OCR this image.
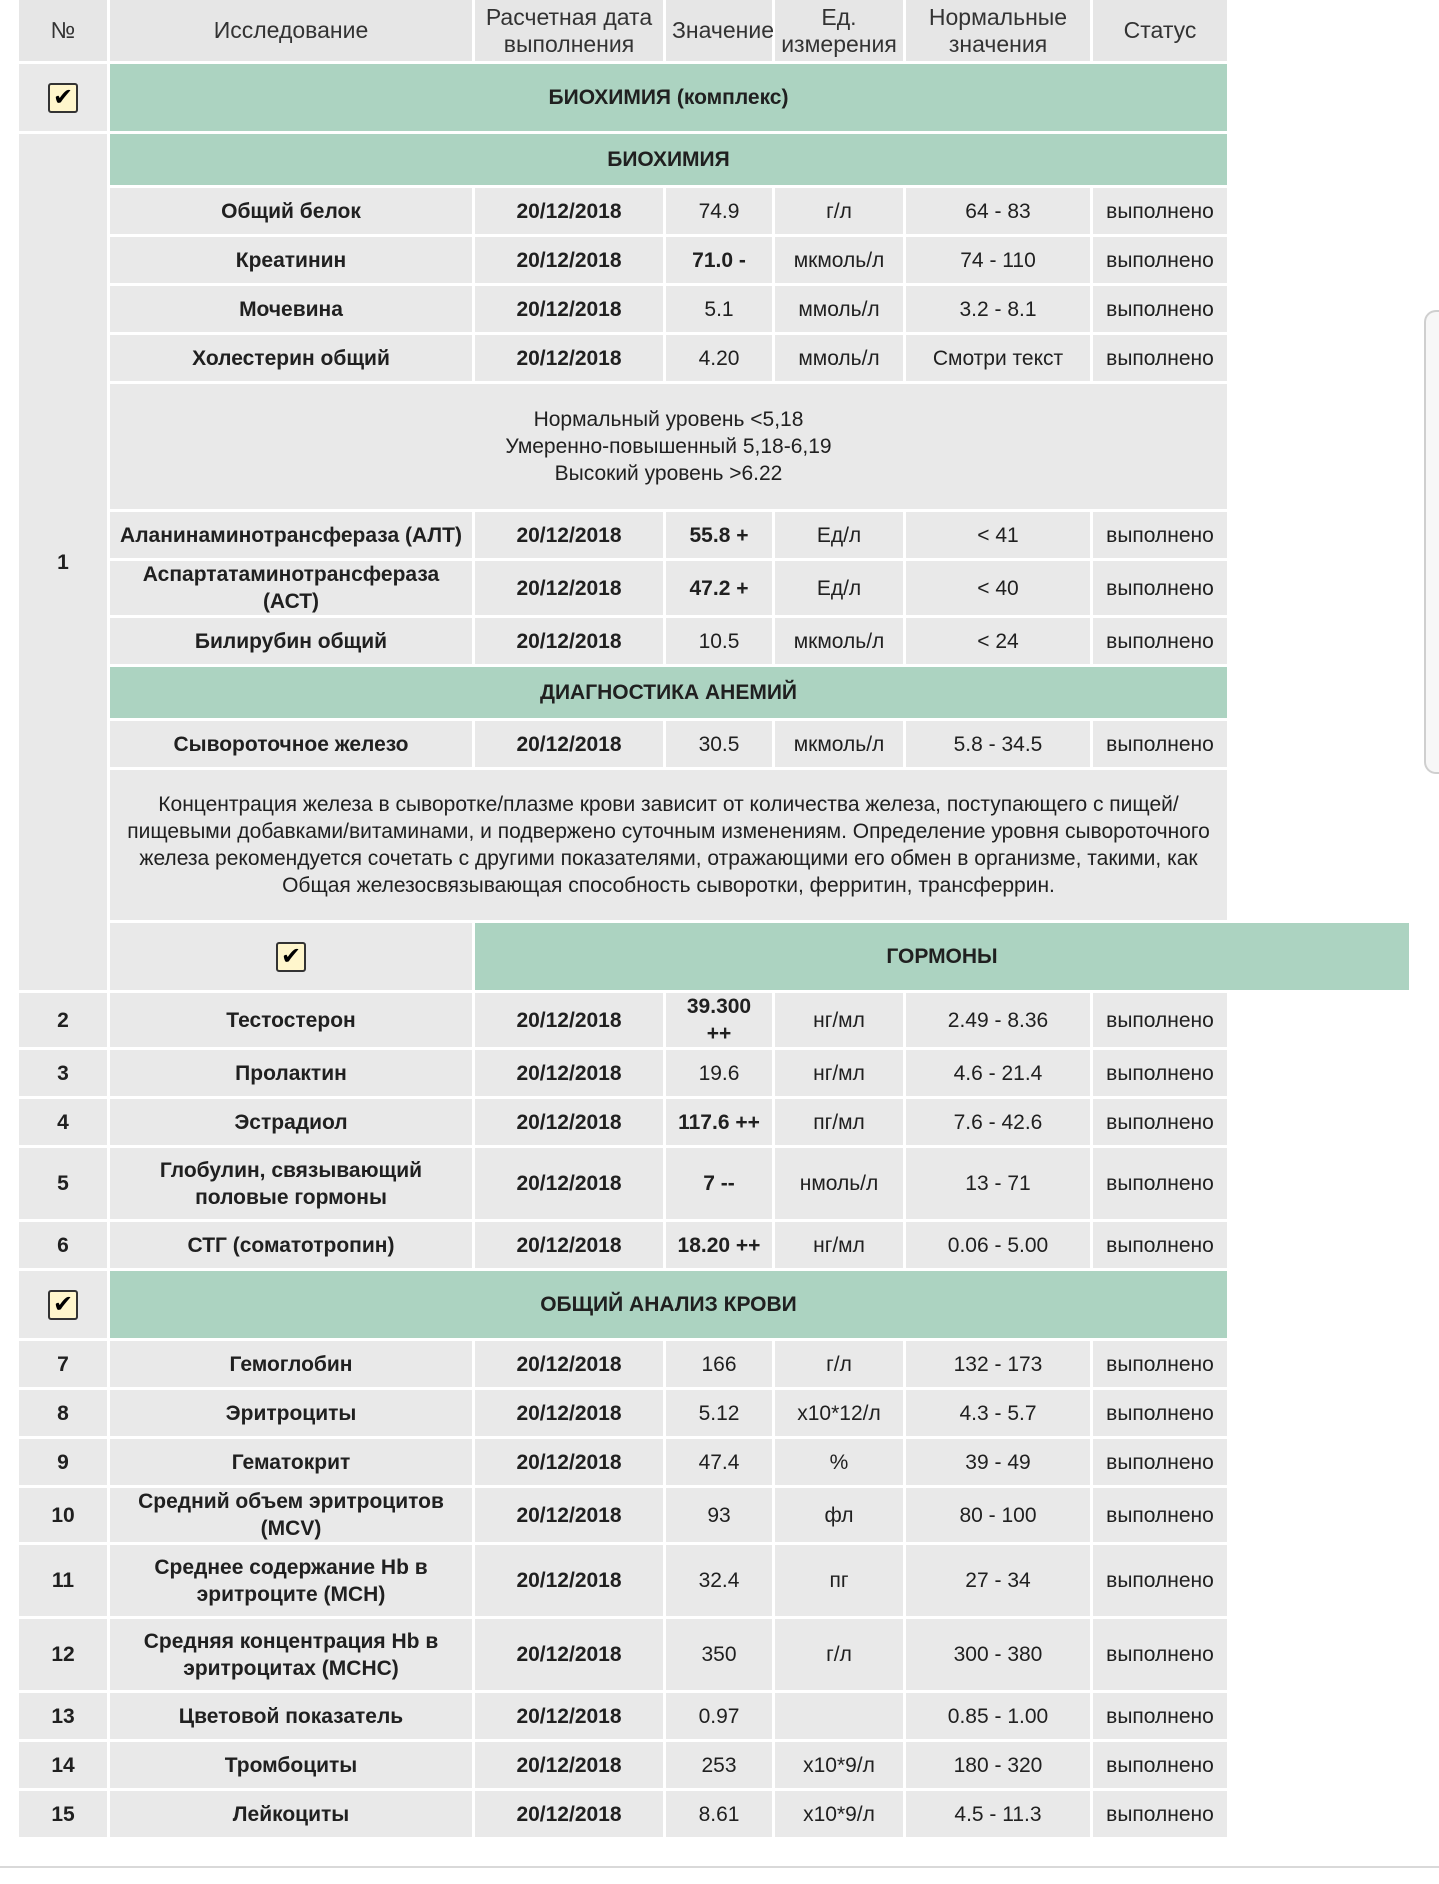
№	Исследование	Расчетная дата выполнения	Значение	Ед. измерения	Нормальные значения	Статус
✔	БИОХИМИЯ (комплекс)					
1	БИОХИМИЯ					
	Общий белок	20/12/2018	74.9	г/л	64 - 83	выполнено
	Креатинин	20/12/2018	71.0 -	мкмоль/л	74 - 110	выполнено
	Мочевина	20/12/2018	5.1	ммоль/л	3.2 - 8.1	выполнено
	Холестерин общий	20/12/2018	4.20	ммоль/л	Смотри текст	выполнено

	Нормальный уровень <5,18
Умеренно-повышенный 5,18-6,19
Высокий уровень >6.22					

	Аланинаминотрансфераза (АЛТ)	20/12/2018	55.8 +	Ед/л	< 41	выполнено
	Аспартатаминотрансфераза (АСТ)	20/12/2018	47.2 +	Ед/л	< 40	выполнено
	Билирубин общий	20/12/2018	10.5	мкмоль/л	< 24	выполнено
	ДИАГНОСТИКА АНЕМИЙ					
	Сывороточное железо	20/12/2018	30.5	мкмоль/л	5.8 - 34.5	выполнено
	Концентрация железа в сыворотке/плазме крови зависит от количества железа, поступающего с пищей/пищевыми добавками/витаминами, и подвержено суточным изменениям. Определение уровня сывороточного железа рекомендуется сочетать с другими показателями, отражающими его обмен в организме, такими, как Общая железосвязывающая способность сыворотки, ферритин, трансферрин.					
	✔	ГОРМОНЫ				
2	Тестостерон	20/12/2018	39.300 ++	нг/мл	2.49 - 8.36	выполнено
3	Пролактин	20/12/2018	19.6	нг/мл	4.6 - 21.4	выполнено
4	Эстрадиол	20/12/2018	117.6 ++	пг/мл	7.6 - 42.6	выполнено
5	Глобулин, связывающий половые гормоны	20/12/2018	7 --	нмоль/л	13 - 71	выполнено
6	СТГ (соматотропин)	20/12/2018	18.20 ++	нг/мл	0.06 - 5.00	выполнено
✔	ОБЩИЙ АНАЛИЗ КРОВИ					
7	Гемоглобин	20/12/2018	166	г/л	132 - 173	выполнено
8	Эритроциты	20/12/2018	5.12	x10*12/л	4.3 - 5.7	выполнено
9	Гематокрит	20/12/2018	47.4	%	39 - 49	выполнено
10	Средний объем эритроцитов (MCV)	20/12/2018	93	фл	80 - 100	выполнено
11	Среднее содержание Hb в эритроците (MCH)	20/12/2018	32.4	пг	27 - 34	выполнено
12	Средняя концентрация Hb в эритроцитах (MCHC)	20/12/2018	350	г/л	300 - 380	выполнено
13	Цветовой показатель	20/12/2018	0.97		0.85 - 1.00	выполнено
14	Тромбоциты	20/12/2018	253	x10*9/л	180 - 320	выполнено
15	Лейкоциты	20/12/2018	8.61	x10*9/л	4.5 - 11.3	выполнено
